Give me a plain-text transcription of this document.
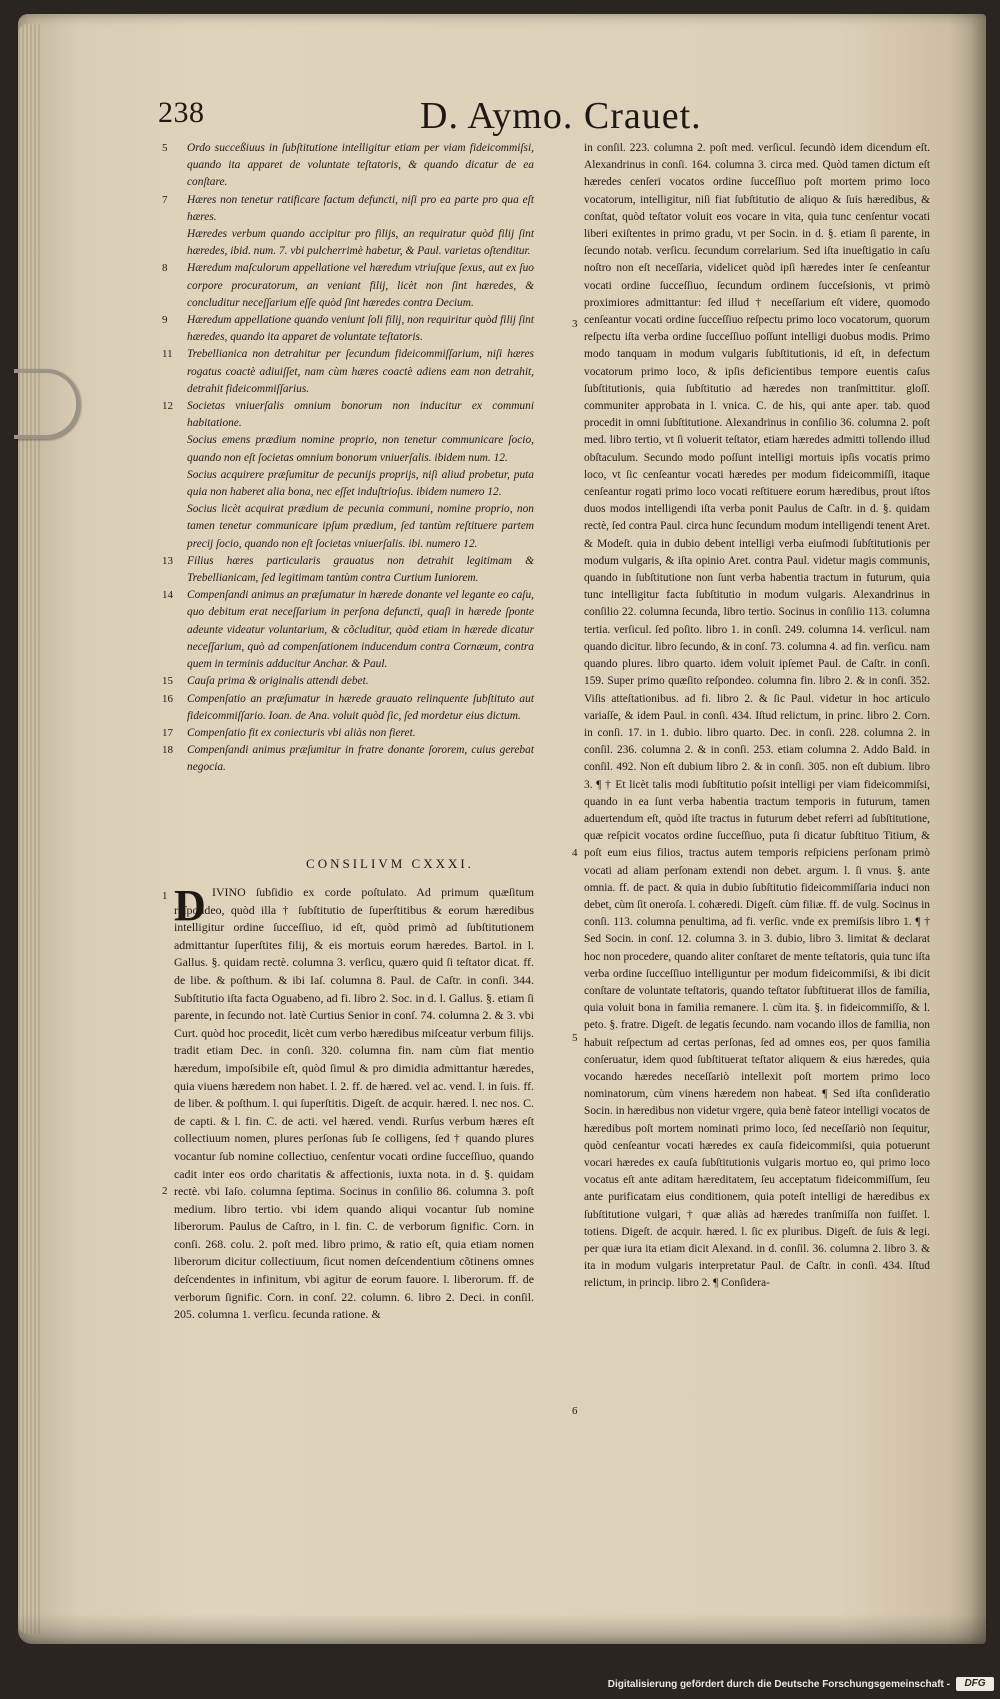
238	D. Aymo. Crauet.
5 Ordo succeßiuus in ſubſtitutione intelligitur etiam per viam fideicommiſsi, quando ita apparet de voluntate teſtatoris, & quando dicatur de ea conſtare.
7 Hæres non tenetur ratificare factum defuncti, niſi pro ea parte pro qua eſt hæres.
Hæredes verbum quando accipitur pro filijs, an requiratur quòd filij ſint hæredes, ibid. num. 7. vbi pulcherrimè habetur, & Paul. varietas oſtenditur.
8 Hæredum maſculorum appellatione vel hæredum vtriuſque ſexus, aut ex ſuo corpore procuratorum, an veniant filij, licèt non ſint hæredes, & concluditur neceſſarium eſſe quòd ſint hæredes contra Decium.
9 Hæredum appellatione quando veniunt ſoli filij, non requiritur quòd filij ſint hæredes, quando ita apparet de voluntate teſtatoris.
11 Trebellianica non detrahitur per ſecundum fideicommiſſarium, niſi hæres rogatus coactè adiuiſſet, nam cùm hæres coactè adiens eam non detrahit, detrahit fideicommiſſarius.
12 Societas vniuerſalis omnium bonorum non inducitur ex communi habitatione.
Socius emens prædium nomine proprio, non tenetur communicare ſocio, quando non eſt ſocietas omnium bonorum vniuerſalis. ibidem num. 12.
Socius acquirere præſumitur de pecunijs proprijs, niſi aliud probetur, puta quia non haberet alia bona, nec eſſet induſtrioſus. ibidem numero 12.
Socius licèt acquirat prædium de pecunia communi, nomine proprio, non tamen tenetur communicare ipſum prædium, ſed tantùm reſtituere partem precij ſocio, quando non eſt ſocietas vniuerſalis. ibi. numero 12.
13 Filius hæres particularis grauatus non detrahit legitimam & Trebellianicam, ſed legitimam tantùm contra Curtium Iuniorem.
14 Compenſandi animus an præſumatur in hærede donante vel legante eo caſu, quo debitum erat neceſſarium in perſona defuncti, quaſi in hærede ſponte adeunte videatur voluntarium, & cõcluditur, quòd etiam in hærede dicatur neceſſarium, quò ad compenſationem inducendum contra Cornæum, contra quem in terminis adducitur Anchar. & Paul.
15 Cauſa prima & originalis attendi debet.
16 Compenſatio an præſumatur in hærede grauato relinquente ſubſtituto aut fideicommiſſario. Ioan. de Ana. voluit quòd ſic, ſed mordetur eius dictum.
17 Compenſatio fit ex coniecturis vbi aliàs non fieret.
18 Compenſandi animus præſumitur in fratre donante ſororem, cuius gerebat negocia.
CONSILIVM CXXXI.
D IVINO ſubſidio ex corde poſtulato. Ad primum quæſitum reſpondeo, quòd illa † ſubſtitutio de ſuperſtitibus & eorum hæredibus intelligitur ordine ſucceſſiuo, id eſt, quòd primò ad ſubſtitutionem admittantur ſuperſtites filij, & eis mortuis eorum hæredes. Bartol. in l. Gallus. §. quidam rectè. columna 3. verſicu, quæro quid ſi teſtator dicat. ff. de libe. & poſthum. & ibi Iaſ. columna 8. Paul. de Caſtr. in conſi. 344. Subſtitutio iſta facta Oguabeno, ad fi. libro 2. Soc. in d. l. Gallus. §. etiam ſi parente, in ſecundo not. latè Curtius Senior in conſ. 74. columna 2. & 3. vbi Curt. quòd hoc procedit, licèt cum verbo hæredibus miſceatur verbum filijs. tradit etiam Dec. in conſi. 320. columna fin. nam cùm fiat mentio hæredum, impoſsibile eſt, quòd ſimul & pro dimidia admittantur hæredes, quia viuens hæredem non habet. l. 2. ff. de hæred. vel ac. vend. l. in ſuis. ff. de liber. & poſthum. l. qui ſuperſtitis. Digeſt. de acquir. hæred. l. nec nos. C. de capti. & l. fin. C. de acti. vel hæred. vendi. Rurſus verbum hæres eſt collectiuum nomen, plures perſonas ſub ſe colligens, ſed † quando plures vocantur ſub nomine collectiuo, cenſentur vocati ordine ſucceſſiuo, quando cadit inter eos ordo charitatis & affectionis, iuxta nota. in d. §. quidam rectè. vbi Iaſo. columna ſeptima. Socinus in conſilio 86. columna 3. poſt medium. libro tertio. vbi idem quando aliqui vocantur ſub nomine liberorum. Paulus de Caſtro, in l. fin. C. de verborum ſignific. Corn. in conſi. 268. colu. 2. poſt med. libro primo, & ratio eſt, quia etiam nomen liberorum dicitur collectiuum, ſicut nomen deſcendentium cõtinens omnes deſcendentes in infinitum, vbi agitur de eorum fauore. l. liberorum. ff. de verborum ſignific. Corn. in conſ. 22. column. 6. libro 2. Deci. in conſil. 205. columna 1. verſicu. ſecunda ratione. &
1
2
in conſil. 223. columna 2. poſt med. verſicul. ſecundò idem dicendum eſt. Alexandrinus in conſi. 164. columna 3. circa med. Quòd tamen dictum eſt hæredes cenſeri vocatos ordine ſucceſſiuo poſt mortem primo loco vocatorum, intelligitur, niſi fiat ſubſtitutio de aliquo & ſuis hæredibus, & conſtat, quòd teſtator voluit eos vocare in vita, quia tunc cenſentur vocati liberi exiſtentes in primo gradu, vt per Socin. in d. §. etiam ſi parente, in ſecundo notab. verſicu. ſecundum correlarium. Sed iſta inueſtigatio in caſu noſtro non eſt neceſſaria, videlicet quòd ipſi hæredes inter ſe cenſeantur vocati ordine ſucceſſiuo, ſecundum ordinem ſucceſsionis, vt primò proximiores admittantur: ſed illud † neceſſarium eſt videre, quomodo cenſeantur vocati ordine ſucceſſiuo reſpectu primo loco vocatorum, quorum reſpectu iſta verba ordine ſucceſſiuo poſſunt intelligi duobus modis. Primo modo tanquam in modum vulgaris ſubſtitutionis, id eſt, in defectum vocatorum primo loco, & ipſis deficientibus tempore euentis caſus ſubſtitutionis, quia ſubſtitutio ad hæredes non tranſmittitur. gloſſ. communiter approbata in l. vnica. C. de his, qui ante aper. tab. quod procedit in omni ſubſtitutione. Alexandrinus in conſilio 36. columna 2. poſt med. libro tertio, vt ſi voluerit teſtator, etiam hæredes admitti tollendo illud obſtaculum. Secundo modo poſſunt intelligi mortuis ipſis vocatis primo loco, vt ſic cenſeantur vocati hæredes per modum fideicommiſſi, itaque cenſeantur rogati primo loco vocati reſtituere eorum hæredibus, prout iſtos duos modos intelligendi iſta verba ponit Paulus de Caſtr. in d. §. quidam rectè, ſed contra Paul. circa hunc ſecundum modum intelligendi tenent Aret. & Modeſt. quia in dubio debent intelligi verba eiuſmodi ſubſtitutionis per modum vulgaris, & iſta opinio Aret. contra Paul. videtur magis communis, quando in ſubſtitutione non ſunt verba habentia tractum in futurum, quia tunc intelligitur facta ſubſtitutio in modum vulgaris. Alexandrinus in conſilio 22. columna ſecunda, libro tertio. Socinus in conſilio 113. columna tertia. verſicul. ſed poſito. libro 1. in conſi. 249. columna 14. verſicul. nam quando dicitur. libro ſecundo, & in conſ. 73. columna 4. ad fin. verſicu. nam quando plures. libro quarto. idem voluit ipſemet Paul. de Caſtr. in conſi. 159. Super primo quæſito reſpondeo. columna fin. libro 2. & in conſi. 352. Viſis atteſtationibus. ad fi. libro 2. & ſic Paul. videtur in hoc articulo variaſſe, & idem Paul. in conſi. 434. Iſtud relictum, in princ. libro 2. Corn. in conſi. 17. in 1. dubio. libro quarto. Dec. in conſi. 228. columna 2. in conſil. 236. columna 2. & in conſi. 253. etiam columna 2. Addo Bald. in conſil. 492. Non eſt dubium libro 2. & in conſi. 305. non eſt dubium. libro 3. ¶ † Et licèt talis modi ſubſtitutio poſsit intelligi per viam fideicommiſsi, quando in ea ſunt verba habentia tractum temporis in futurum, tamen aduertendum eſt, quòd iſte tractus in futurum debet referri ad ſubſtitutione, quæ reſpicit vocatos ordine ſucceſſiuo, puta ſi dicatur ſubſtituo Titium, & poſt eum eius filios, tractus autem temporis reſpiciens perſonam primò vocati ad aliam perſonam extendi non debet. argum. l. ſi vnus. §. ante omnia. ff. de pact. & quia in dubio ſubſtitutio fideicommiſſaria induci non debet, cùm ſit oneroſa. l. cohæredi. Digeſt. cùm filiæ. ff. de vulg. Socinus in conſi. 113. columna penultima, ad fi. verſic. vnde ex premiſsis libro 1. ¶ † Sed Socin. in conſ. 12. columna 3. in 3. dubio, libro 3. limitat & declarat hoc non procedere, quando aliter conſtaret de mente teſtatoris, quia tunc iſta verba ordine ſucceſſiuo intelliguntur per modum fideicommiſsi, & ibi dicit conſtare de voluntate teſtatoris, quando teſtator ſubſtituerat illos de familia, quia voluit bona in familia remanere. l. cùm ita. §. in fideicommiſſo, & l. peto. §. fratre. Digeſt. de legatis ſecundo. nam vocando illos de familia, non habuit reſpectum ad certas perſonas, ſed ad omnes eos, per quos familia conſeruatur, idem quod ſubſtituerat teſtator aliquem & eius hæredes, quia vocando hæredes neceſſariò intellexit poſt mortem primo loco nominatorum, cùm vinens hæredem non habeat. ¶ Sed iſta conſideratio Socin. in hæredibus non videtur vrgere, quia benè fateor intelligi vocatos de hæredibus poſt mortem nominati primo loco, ſed neceſſariò non ſequitur, quòd cenſeantur vocati hæredes ex cauſa fideicommiſsi, quia potuerunt vocari hæredes ex cauſa ſubſtitutionis vulgaris mortuo eo, qui primo loco vocatus eſt ante aditam hæreditatem, ſeu acceptatum fideicommiſſum, ſeu ante purificatam eius conditionem, quia poteſt intelligi de hæredibus ex ſubſtitutione vulgari, † quæ aliàs ad hæredes tranſmiſſa non fuiſſet. l. totiens. Digeſt. de acquir. hæred. l. ſic ex pluribus. Digeſt. de ſuis & legi. per quæ iura ita etiam dicit Alexand. in d. conſil. 36. columna 2. libro 3. & ita in modum vulgaris interpretatur Paul. de Caſtr. in conſi. 434. Iſtud relictum, in princip. libro 2. ¶ Conſidera-
3
4
5
6
Digitalisierung gefördert durch die Deutsche Forschungsgemeinschaft -	DFG
